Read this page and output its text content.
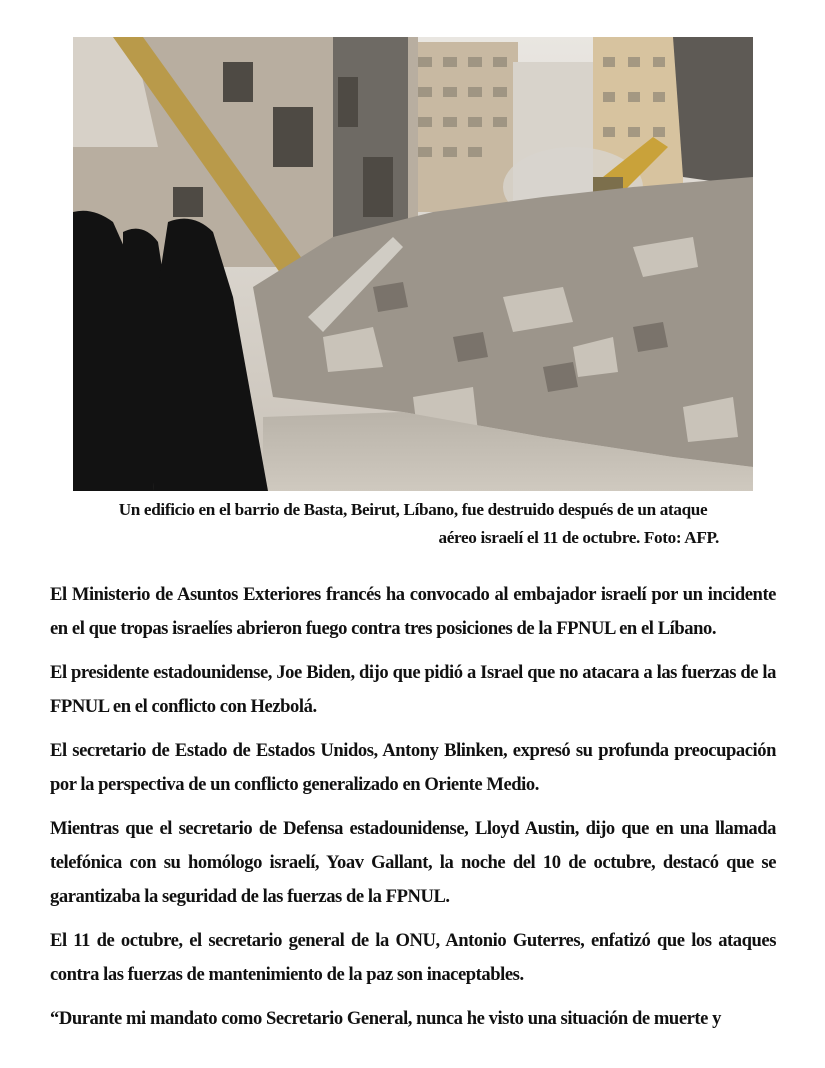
Un edificio en el barrio de Basta, Beirut, Líbano, fue destruido después de un ataque
aéreo israelí el 11 de octubre. Foto: AFP.

El Ministerio de Asuntos Exteriores francés ha convocado al embajador israelí por un incidente en el que tropas israelíes abrieron fuego contra tres posiciones de la FPNUL en el Líbano.

El presidente estadounidense, Joe Biden, dijo que pidió a Israel que no atacara a las fuerzas de la FPNUL en el conflicto con Hezbolá.

El secretario de Estado de Estados Unidos, Antony Blinken, expresó su profunda preocupación por la perspectiva de un conflicto generalizado en Oriente Medio.

Mientras que el secretario de Defensa estadounidense, Lloyd Austin, dijo que en una llamada telefónica con su homólogo israelí, Yoav Gallant, la noche del 10 de octubre, destacó que se garantizaba la seguridad de las fuerzas de la FPNUL.

El 11 de octubre, el secretario general de la ONU, Antonio Guterres, enfatizó que los ataques contra las fuerzas de mantenimiento de la paz son inaceptables.

“Durante mi mandato como Secretario General, nunca he visto una situación de muerte y
